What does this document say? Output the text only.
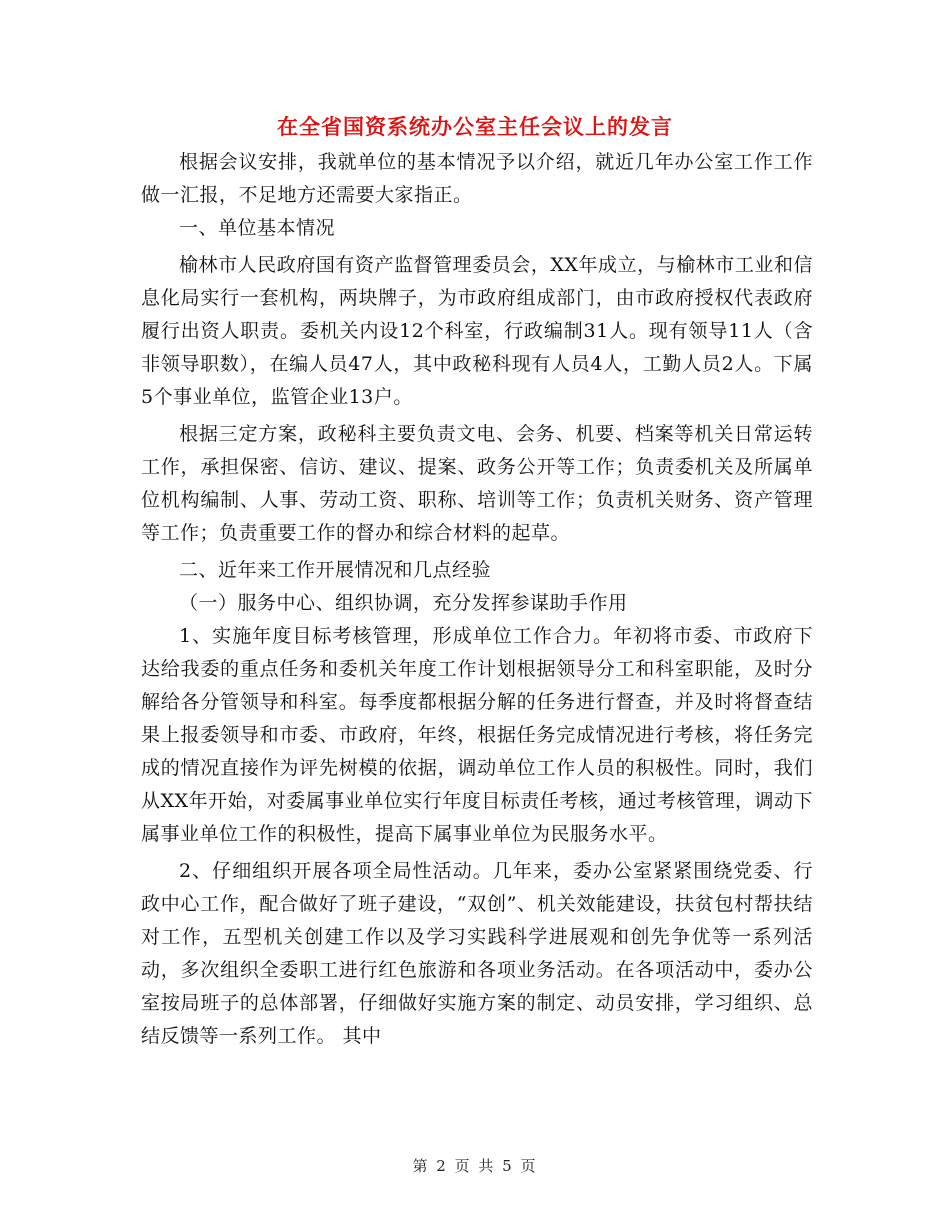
在全省国资系统办公室主任会议上的发言

根据会议安排，我就单位的基本情况予以介绍，就近几年办公室工作工作做一汇报，不足地方还需要大家指正。

一、单位基本情况

榆林市人民政府国有资产监督管理委员会，XX年成立，与榆林市工业和信息化局实行一套机构，两块牌子，为市政府组成部门，由市政府授权代表政府履行出资人职责。委机关内设12个科室，行政编制31人。现有领导11人（含非领导职数），在编人员47人，其中政秘科现有人员4人，工勤人员2人。下属5个事业单位，监管企业13户。

根据三定方案，政秘科主要负责文电、会务、机要、档案等机关日常运转工作，承担保密、信访、建议、提案、政务公开等工作；负责委机关及所属单位机构编制、人事、劳动工资、职称、培训等工作；负责机关财务、资产管理等工作；负责重要工作的督办和综合材料的起草。

二、近年来工作开展情况和几点经验

（一）服务中心、组织协调，充分发挥参谋助手作用

1、实施年度目标考核管理，形成单位工作合力。年初将市委、市政府下达给我委的重点任务和委机关年度工作计划根据领导分工和科室职能，及时分解给各分管领导和科室。每季度都根据分解的任务进行督查，并及时将督查结果上报委领导和市委、市政府，年终，根据任务完成情况进行考核，将任务完成的情况直接作为评先树模的依据，调动单位工作人员的积极性。同时，我们从XX年开始，对委属事业单位实行年度目标责任考核，通过考核管理，调动下属事业单位工作的积极性，提高下属事业单位为民服务水平。

2、仔细组织开展各项全局性活动。几年来，委办公室紧紧围绕党委、行政中心工作，配合做好了班子建设，“双创”、机关效能建设，扶贫包村帮扶结对工作，五型机关创建工作以及学习实践科学进展观和创先争优等一系列活动，多次组织全委职工进行红色旅游和各项业务活动。在各项活动中，委办公室按局班子的总体部署，仔细做好实施方案的制定、动员安排，学习组织、总结反馈等一系列工作。 其中

第 2 页 共 5 页
